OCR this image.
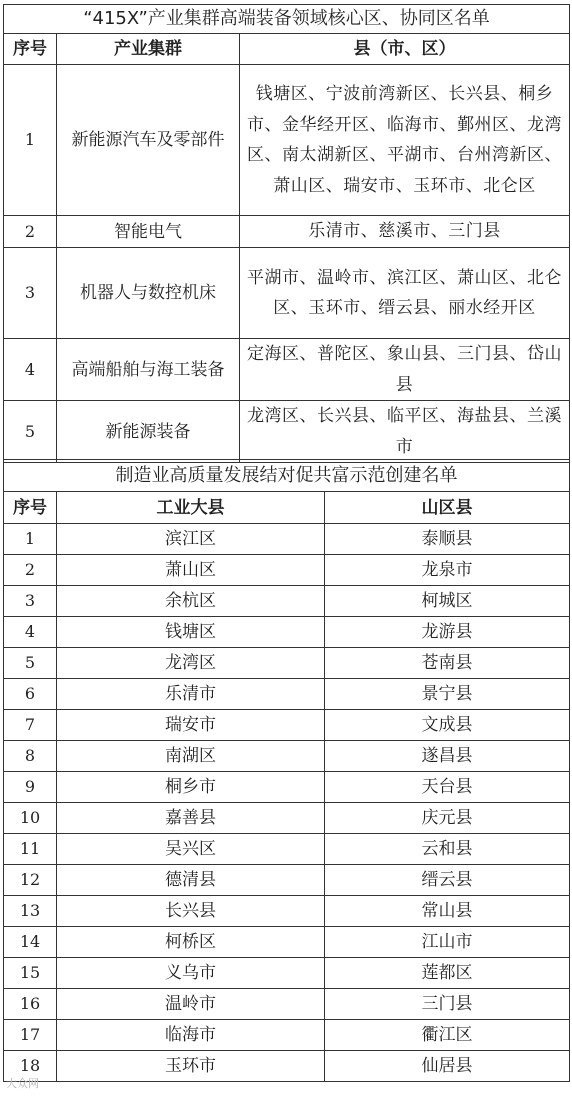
“415X”产业集群高端装备领域核心区、协同区名单		
序号	产业集群	县（市、区）
1	新能源汽车及零部件	钱塘区、宁波前湾新区、长兴县、桐乡市、金华经开区、临海市、鄞州区、龙湾区、南太湖新区、平湖市、台州湾新区、萧山区、瑞安市、玉环市、北仑区
2	智能电气	乐清市、慈溪市、三门县
3	机器人与数控机床	平湖市、温岭市、滨江区、萧山区、北仑区、玉环市、缙云县、丽水经开区
4	高端船舶与海工装备	定海区、普陀区、象山县、三门县、岱山县
5	新能源装备	龙湾区、长兴县、临平区、海盐县、兰溪市
制造业高质量发展结对促共富示范创建名单		
序号	工业大县	山区县
1	滨江区	泰顺县
2	萧山区	龙泉市
3	余杭区	柯城区
4	钱塘区	龙游县
5	龙湾区	苍南县
6	乐清市	景宁县
7	瑞安市	文成县
8	南湖区	遂昌县
9	桐乡市	天台县
10	嘉善县	庆元县
11	吴兴区	云和县
12	德清县	缙云县
13	长兴县	常山县
14	柯桥区	江山市
15	义乌市	莲都区
16	温岭市	三门县
17	临海市	衢江区
18	玉环市	仙居县
大众网
